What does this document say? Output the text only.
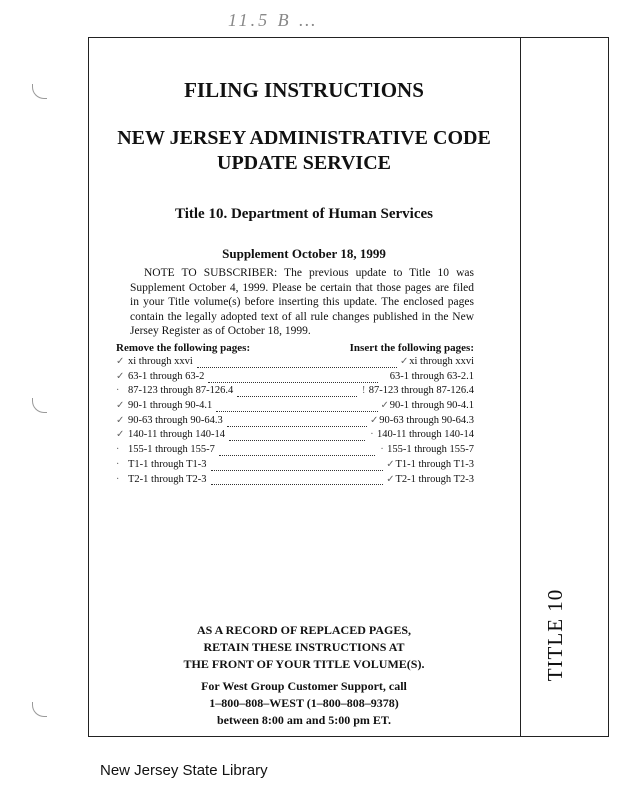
11.5 B …
TITLE 10
FILING INSTRUCTIONS
NEW JERSEY ADMINISTRATIVE CODE
UPDATE SERVICE
Title 10. Department of Human Services
Supplement October 18, 1999
NOTE TO SUBSCRIBER: The previous update to Title 10 was Supplement October 4, 1999. Please be certain that those pages are filed in your Title volume(s) before inserting this update. The enclosed pages contain the legally adopted text of all rule changes published in the New Jersey Register as of October 18, 1999.
Remove the following pages:	Insert the following pages:
✓ xi through xxvi	✓ xi through xxvi
✓ 63-1 through 63-2	63-1 through 63-2.1
· 87-123 through 87-126.4	! 87-123 through 87-126.4
✓ 90-1 through 90-4.1	✓ 90-1 through 90-4.1
✓ 90-63 through 90-64.3	✓ 90-63 through 90-64.3
✓ 140-11 through 140-14	· 140-11 through 140-14
· 155-1 through 155-7	· 155-1 through 155-7
· T1-1 through T1-3	✓ T1-1 through T1-3
· T2-1 through T2-3	✓ T2-1 through T2-3
AS A RECORD OF REPLACED PAGES,
RETAIN THESE INSTRUCTIONS AT
THE FRONT OF YOUR TITLE VOLUME(S).
For West Group Customer Support, call
1–800–808–WEST (1–800–808–9378)
between 8:00 am and 5:00 pm ET.
New Jersey State Library
